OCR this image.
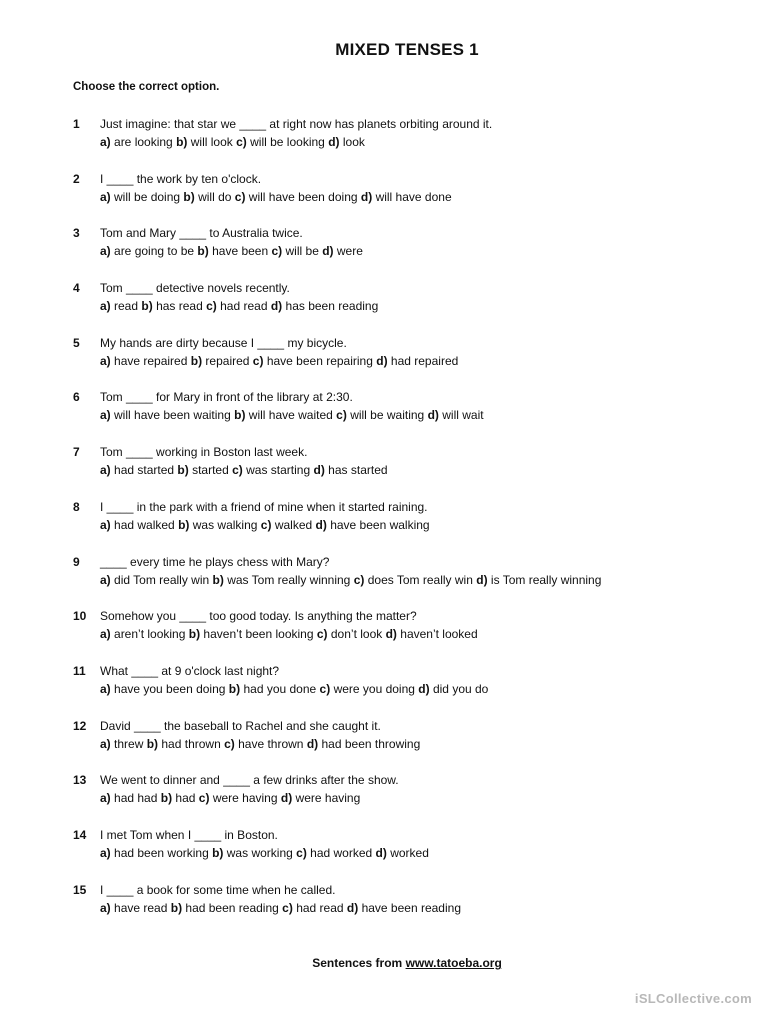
MIXED TENSES 1
Choose the correct option.
1 Just imagine: that star we ____ at right now has planets orbiting around it.
a) are looking b) will look c) will be looking d) look
2 I ____ the work by ten o'clock.
a) will be doing b) will do c) will have been doing d) will have done
3 Tom and Mary ____ to Australia twice.
a) are going to be b) have been c) will be d) were
4 Tom ____ detective novels recently.
a) read b) has read c) had read d) has been reading
5 My hands are dirty because I ____ my bicycle.
a) have repaired b) repaired c) have been repairing d) had repaired
6 Tom ____ for Mary in front of the library at 2:30.
a) will have been waiting b) will have waited c) will be waiting d) will wait
7 Tom ____ working in Boston last week.
a) had started b) started c) was starting d) has started
8 I ____ in the park with a friend of mine when it started raining.
a) had walked b) was walking c) walked d) have been walking
9 ____ every time he plays chess with Mary?
a) did Tom really win b) was Tom really winning c) does Tom really win d) is Tom really winning
10 Somehow you ____ too good today. Is anything the matter?
a) aren’t looking b) haven’t been looking c) don’t look d) haven’t looked
11 What ____ at 9 o'clock last night?
a) have you been doing b) had you done c) were you doing d) did you do
12 David ____ the baseball to Rachel and she caught it.
a) threw b) had thrown c) have thrown d) had been throwing
13 We went to dinner and ____ a few drinks after the show.
a) had had b) had c) were having d) were having
14 I met Tom when I ____ in Boston.
a) had been working b) was working c) had worked d) worked
15 I ____ a book for some time when he called.
a) have read b) had been reading c) had read d) have been reading
Sentences from www.tatoeba.org
iSLCollective.com
